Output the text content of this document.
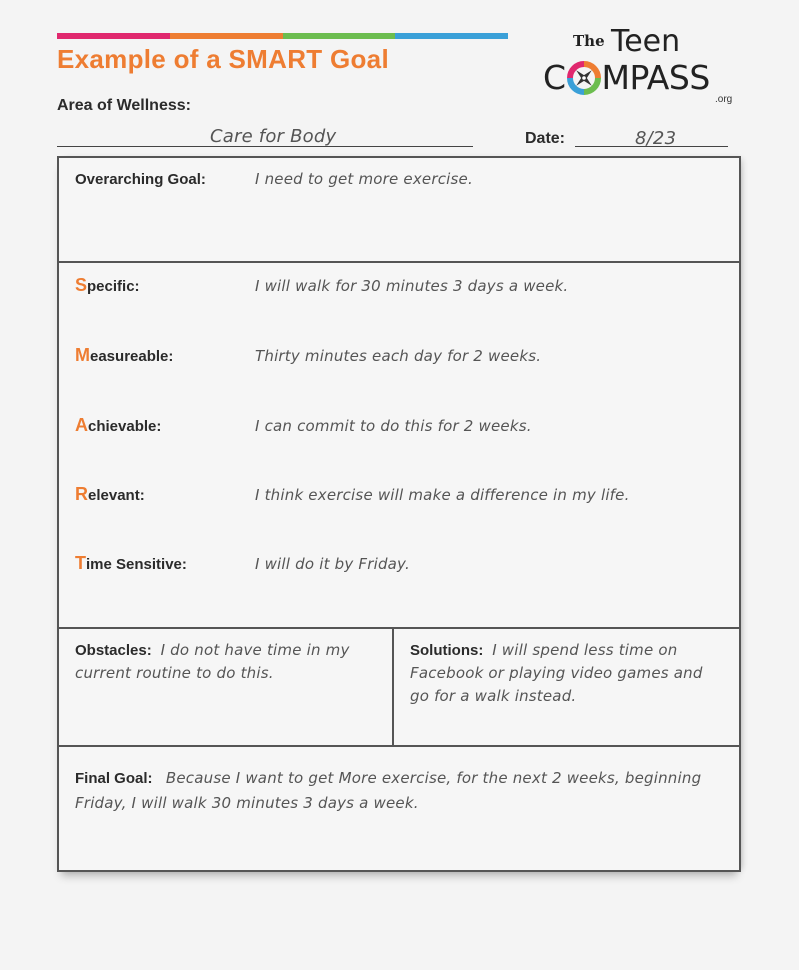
Example of a SMART Goal
The Teen
C MPASS
.org
Area of Wellness:
Care for Body	Date:	8/23
Overarching Goal:	I need to get more exercise.
Specific:	I will walk for 30 minutes 3 days a week.
Measureable:	Thirty minutes each day for 2 weeks.
Achievable:	I can commit to do this for 2 weeks.
Relevant:	I think exercise will make a difference in my life.
Time Sensitive:	I will do it by Friday.
Obstacles: I do not have time in my current routine to do this.
Solutions: I will spend less time on Facebook or playing video games and go for a walk instead.
Final Goal: Because I want to get More exercise, for the next 2 weeks, beginning Friday, I will walk 30 minutes 3 days a week.
